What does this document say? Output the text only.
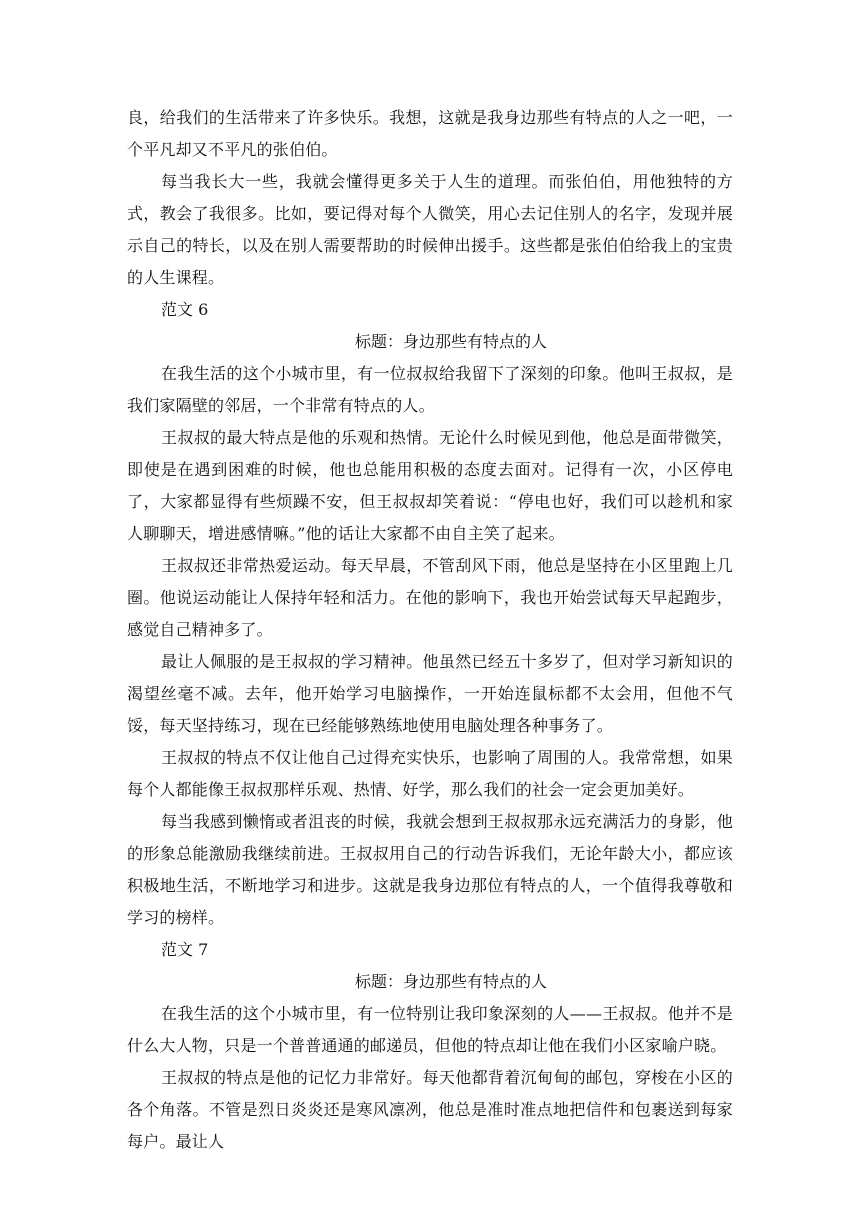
良，给我们的生活带来了许多快乐。我想，这就是我身边那些有特点的人之一吧，一个平凡却又不平凡的张伯伯。

每当我长大一些，我就会懂得更多关于人生的道理。而张伯伯，用他独特的方式，教会了我很多。比如，要记得对每个人微笑，用心去记住别人的名字，发现并展示自己的特长，以及在别人需要帮助的时候伸出援手。这些都是张伯伯给我上的宝贵的人生课程。

范文 6

标题：身边那些有特点的人

在我生活的这个小城市里，有一位叔叔给我留下了深刻的印象。他叫王叔叔，是我们家隔壁的邻居，一个非常有特点的人。

王叔叔的最大特点是他的乐观和热情。无论什么时候见到他，他总是面带微笑，即使是在遇到困难的时候，他也总能用积极的态度去面对。记得有一次，小区停电了，大家都显得有些烦躁不安，但王叔叔却笑着说：“停电也好，我们可以趁机和家人聊聊天，增进感情嘛。”他的话让大家都不由自主笑了起来。

王叔叔还非常热爱运动。每天早晨，不管刮风下雨，他总是坚持在小区里跑上几圈。他说运动能让人保持年轻和活力。在他的影响下，我也开始尝试每天早起跑步，感觉自己精神多了。

最让人佩服的是王叔叔的学习精神。他虽然已经五十多岁了，但对学习新知识的渴望丝毫不减。去年，他开始学习电脑操作，一开始连鼠标都不太会用，但他不气馁，每天坚持练习，现在已经能够熟练地使用电脑处理各种事务了。

王叔叔的特点不仅让他自己过得充实快乐，也影响了周围的人。我常常想，如果每个人都能像王叔叔那样乐观、热情、好学，那么我们的社会一定会更加美好。

每当我感到懒惰或者沮丧的时候，我就会想到王叔叔那永远充满活力的身影，他的形象总能激励我继续前进。王叔叔用自己的行动告诉我们，无论年龄大小，都应该积极地生活，不断地学习和进步。这就是我身边那位有特点的人，一个值得我尊敬和学习的榜样。

范文 7

标题：身边那些有特点的人

在我生活的这个小城市里，有一位特别让我印象深刻的人——王叔叔。他并不是什么大人物，只是一个普普通通的邮递员，但他的特点却让他在我们小区家喻户晓。

王叔叔的特点是他的记忆力非常好。每天他都背着沉甸甸的邮包，穿梭在小区的各个角落。不管是烈日炎炎还是寒风凛冽，他总是准时准点地把信件和包裹送到每家每户。最让人
